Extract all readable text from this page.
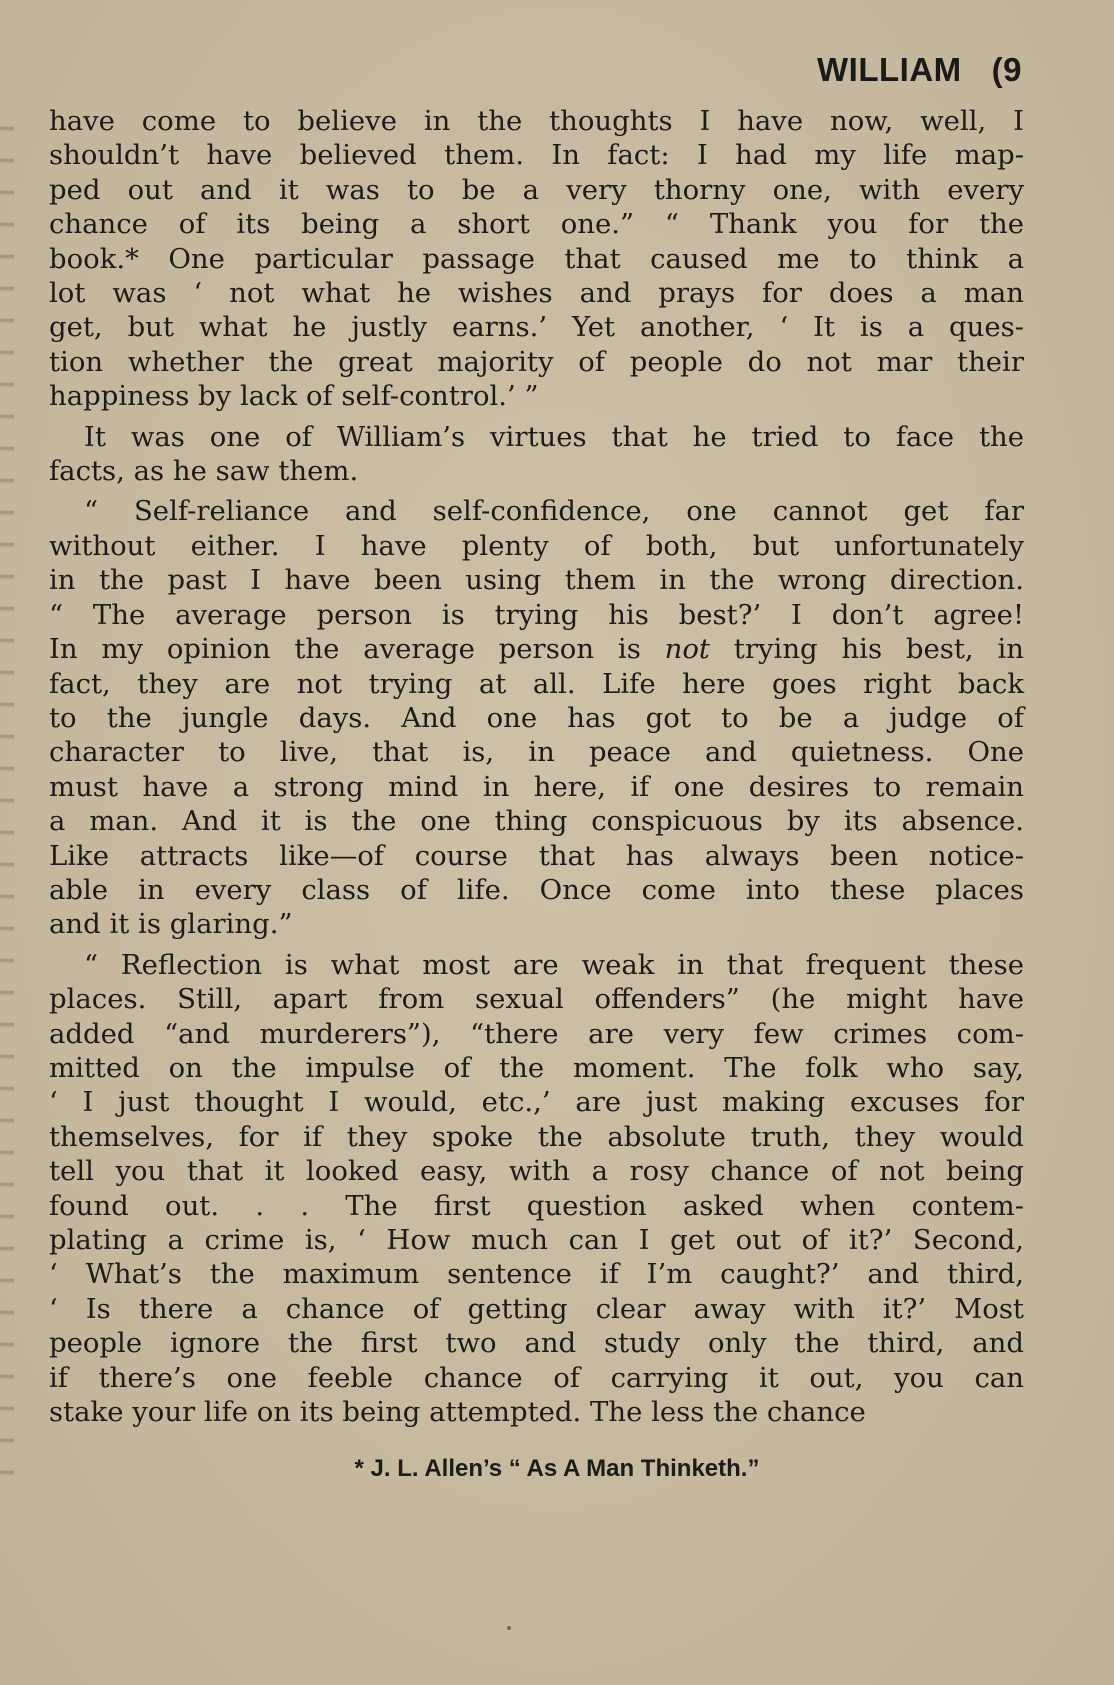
WILLIAM (9
have come to believe in the thoughts I have now, well, I
shouldn’t have believed them. In fact: I had my life map-
ped out and it was to be a very thorny one, with every
chance of its being a short one.” “ Thank you for the
book.* One particular passage that caused me to think a
lot was ‘ not what he wishes and prays for does a man
get, but what he justly earns.’ Yet another, ‘ It is a ques-
tion whether the great majority of people do not mar their
happiness by lack of self-control.’ ”
It was one of William’s virtues that he tried to face the
facts, as he saw them.
“ Self-reliance and self-confidence, one cannot get far
without either. I have plenty of both, but unfortunately
in the past I have been using them in the wrong direction.
“ The average person is trying his best?’ I don’t agree!
In my opinion the average person is not trying his best, in
fact, they are not trying at all. Life here goes right back
to the jungle days. And one has got to be a judge of
character to live, that is, in peace and quietness. One
must have a strong mind in here, if one desires to remain
a man. And it is the one thing conspicuous by its absence.
Like attracts like—of course that has always been notice-
able in every class of life. Once come into these places
and it is glaring.”
“ Reflection is what most are weak in that frequent these
places. Still, apart from sexual offenders” (he might have
added “and murderers”), “there are very few crimes com-
mitted on the impulse of the moment. The folk who say,
‘ I just thought I would, etc.,’ are just making excuses for
themselves, for if they spoke the absolute truth, they would
tell you that it looked easy, with a rosy chance of not being
found out. . . The first question asked when contem-
plating a crime is, ‘ How much can I get out of it?’ Second,
‘ What’s the maximum sentence if I’m caught?’ and third,
‘ Is there a chance of getting clear away with it?’ Most
people ignore the first two and study only the third, and
if there’s one feeble chance of carrying it out, you can
stake your life on its being attempted. The less the chance
* J. L. Allen’s “ As A Man Thinketh.”
